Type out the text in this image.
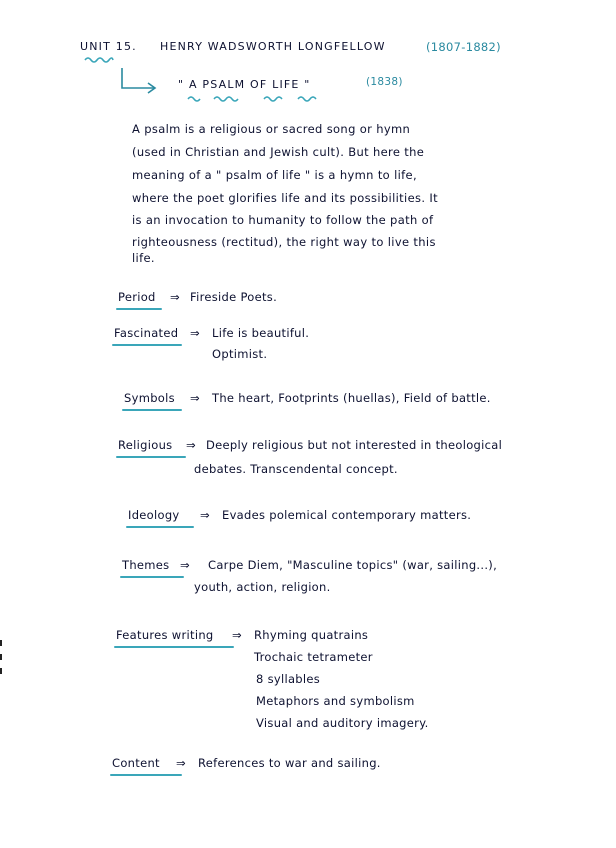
UNIT 15. HENRY WADSWORTH LONGFELLOW	(1807-1882)
" A PSALM OF LIFE "	(1838)
A psalm is a religious or sacred song or hymn
(used in Christian and Jewish cult). But here the
meaning of a " psalm of life " is a hymn to life,
where the poet glorifies life and its possibilities. It
is an invocation to humanity to follow the path of
righteousness (rectitud), the right way to live this
life.
Period ⇒ Fireside Poets.
Fascinated ⇒ Life is beautiful.
Optimist.
Symbols ⇒ The heart, Footprints (huellas), Field of battle.
Religious ⇒ Deeply religious but not interested in theological
debates. Transcendental concept.
Ideology ⇒ Evades polemical contemporary matters.
Themes ⇒ Carpe Diem, "Masculine topics" (war, sailing...),
youth, action, religion.
Features writing ⇒ Rhyming quatrains
Trochaic tetrameter
8 syllables
Metaphors and symbolism
Visual and auditory imagery.
Content ⇒ References to war and sailing.
